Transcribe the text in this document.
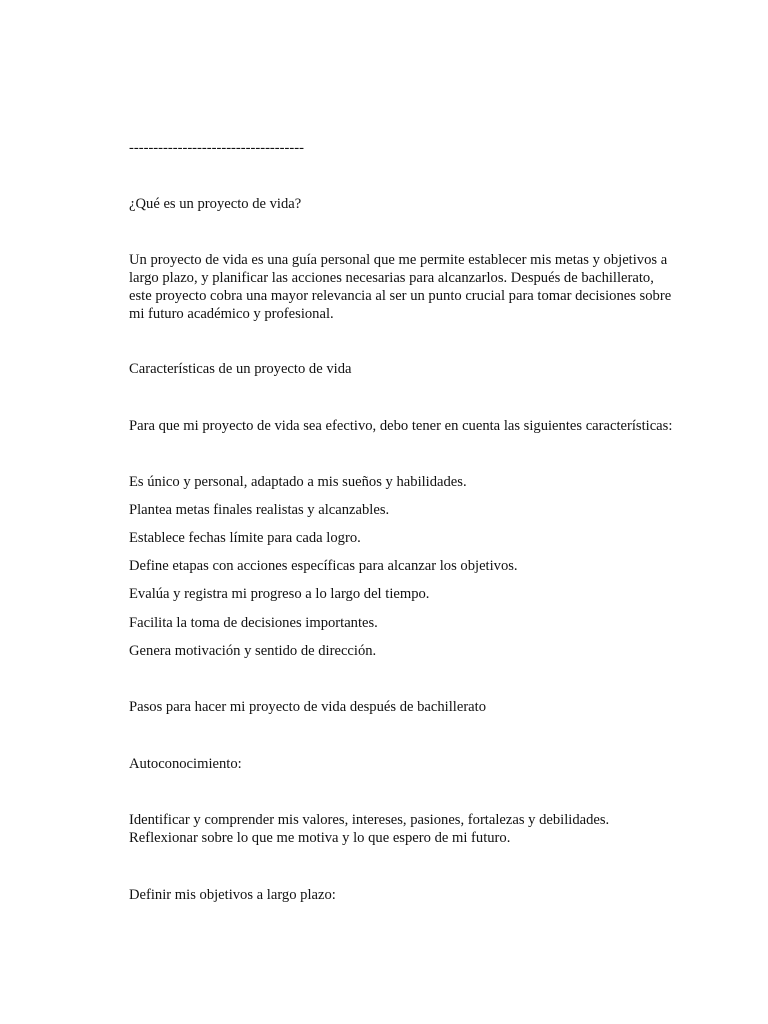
------------------------------------

¿Qué es un proyecto de vida?

Un proyecto de vida es una guía personal que me permite establecer mis metas y objetivos a
largo plazo, y planificar las acciones necesarias para alcanzarlos. Después de bachillerato,
este proyecto cobra una mayor relevancia al ser un punto crucial para tomar decisiones sobre
mi futuro académico y profesional.

Características de un proyecto de vida

Para que mi proyecto de vida sea efectivo, debo tener en cuenta las siguientes características:

Es único y personal, adaptado a mis sueños y habilidades.

Plantea metas finales realistas y alcanzables.

Establece fechas límite para cada logro.

Define etapas con acciones específicas para alcanzar los objetivos.

Evalúa y registra mi progreso a lo largo del tiempo.

Facilita la toma de decisiones importantes.

Genera motivación y sentido de dirección.

Pasos para hacer mi proyecto de vida después de bachillerato

Autoconocimiento:

Identificar y comprender mis valores, intereses, pasiones, fortalezas y debilidades.
Reflexionar sobre lo que me motiva y lo que espero de mi futuro.

Definir mis objetivos a largo plazo:
